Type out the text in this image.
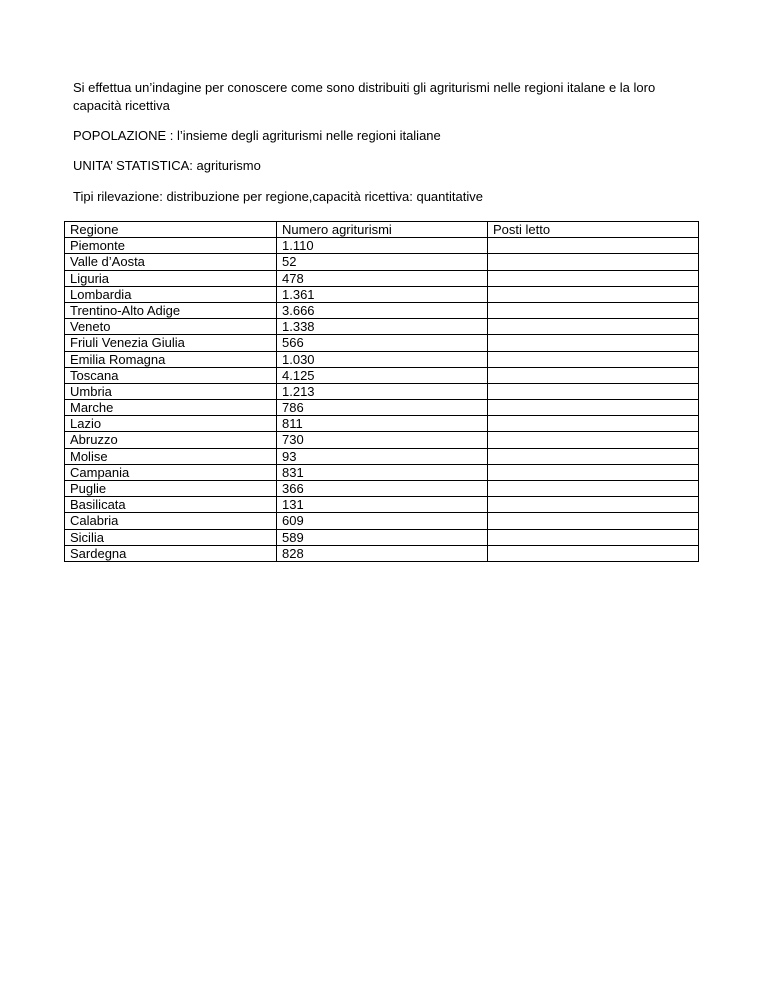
Si effettua un’indagine per conoscere come sono distribuiti gli agriturismi nelle regioni italane e la loro capacità ricettiva

POPOLAZIONE : l’insieme degli agriturismi nelle regioni italiane

UNITA’ STATISTICA: agriturismo

Tipi rilevazione: distribuzione per regione,capacità ricettiva: quantitative

Regione	Numero agriturismi	Posti letto
Piemonte	1.110	
Valle d’Aosta	52	
Liguria	478	
Lombardia	1.361	
Trentino-Alto Adige	3.666	
Veneto	1.338	
Friuli Venezia Giulia	566	
Emilia Romagna	1.030	
Toscana	4.125	
Umbria	1.213	
Marche	786	
Lazio	811	
Abruzzo	730	
Molise	93	
Campania	831	
Puglie	366	
Basilicata	131	
Calabria	609	
Sicilia	589	
Sardegna	828	
